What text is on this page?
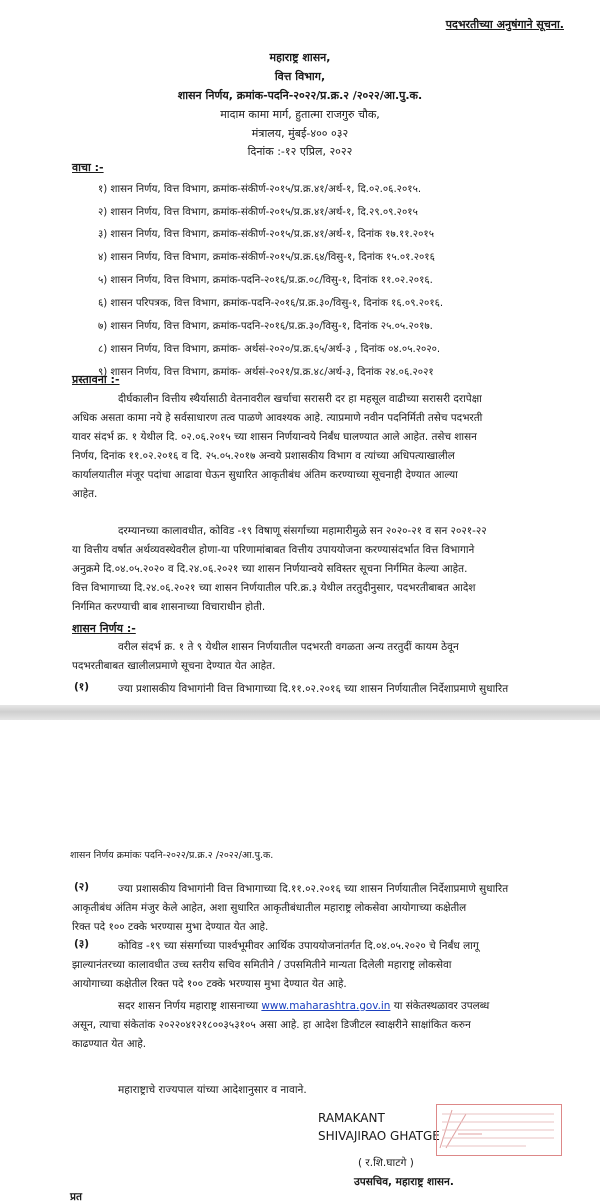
पदभरतीच्या अनुषंगाने सूचना.
महाराष्ट्र शासन,
वित्त विभाग,
शासन निर्णय, क्रमांक-पदनि-२०२२/प्र.क्र.२ /२०२२/आ.पु.क.
मादाम कामा मार्ग, हुतात्मा राजगुरु चौक,
मंत्रालय, मुंबई-४०० ०३२
दिनांक :-१२ एप्रिल, २०२२
वाचा :-
१) शासन निर्णय, वित्त विभाग, क्रमांक-संकीर्ण-२०१५/प्र.क्र.४१/अर्थ-१, दि.०२.०६.२०१५.
२) शासन निर्णय, वित्त विभाग, क्रमांक-संकीर्ण-२०१५/प्र.क्र.४१/अर्थ-१, दि.२९.०९.२०१५
३) शासन निर्णय, वित्त विभाग, क्रमांक-संकीर्ण-२०१५/प्र.क्र.४१/अर्थ-१, दिनांक १७.११.२०१५
४) शासन निर्णय, वित्त विभाग, क्रमांक-संकीर्ण-२०१५/प्र.क्र.६४/विसु-१, दिनांक १५.०१.२०१६
५) शासन निर्णय, वित्त विभाग, क्रमांक-पदनि-२०१६/प्र.क्र.०८/विसु-१, दिनांक ११.०२.२०१६.
६) शासन परिपत्रक, वित्त विभाग, क्रमांक-पदनि-२०१६/प्र.क्र.३०/विसु-१, दिनांक १६.०९.२०१६.
७) शासन निर्णय, वित्त विभाग, क्रमांक-पदनि-२०१६/प्र.क्र.३०/विसु-१, दिनांक २५.०५.२०१७.
८) शासन निर्णय, वित्त विभाग, क्रमांक- अर्थसं-२०२०/प्र.क्र.६५/अर्थ-३ , दिनांक ०४.०५.२०२०.
९) शासन निर्णय, वित्त विभाग, क्रमांक- अर्थसं-२०२१/प्र.क्र.४८/अर्थ-३, दिनांक २४.०६.२०२१
प्रस्तावना :-
दीर्घकालीन वित्तीय स्थैर्यासाठी वेतनावरील खर्चाचा सरासरी दर हा महसूल वाढीच्या सरासरी दरापेक्षा
अधिक असता कामा नये हे सर्वसाधारण तत्व पाळणे आवश्यक आहे. त्याप्रमाणे नवीन पदनिर्मिती तसेच पदभरती
यावर संदर्भ क्र. १ येथील दि. ०२.०६.२०१५ च्या शासन निर्णयान्वये निर्बंध घालण्यात आले आहेत. तसेच शासन
निर्णय, दिनांक ११.०२.२०१६ व दि. २५.०५.२०१७ अन्वये प्रशासकीय विभाग व त्यांच्या अधिपत्याखालील
कार्यालयातील मंजूर पदांचा आढावा घेऊन सुधारित आकृतीबंध अंतिम करण्याच्या सूचनाही देण्यात आल्या
आहेत.
दरम्यानच्या कालावधीत, कोविड -१९ विषाणू संसर्गाच्या महामारीमुळे सन २०२०-२१ व सन २०२१-२२
या वित्तीय वर्षात अर्थव्यवस्थेवरील होणा-या परिणामांबाबत वित्तीय उपाययोजना करण्यासंदर्भात वित्त विभागाने
अनुक्रमे दि.०४.०५.२०२० व दि.२४.०६.२०२१ च्या शासन निर्णयान्वये सविस्तर सूचना निर्गमित केल्या आहेत.
वित्त विभागाच्या दि.२४.०६.२०२१ च्या शासन निर्णयातील परि.क्र.३ येथील तरतुदीनुसार, पदभरतीबाबत आदेश
निर्गमित करण्याची बाब शासनाच्या विचाराधीन होती.
शासन निर्णय :-
वरील संदर्भ क्र. १ ते ९ येथील शासन निर्णयातील पदभरती वगळता अन्य तरतुदीं कायम ठेवून
पदभरतीबाबत खालीलप्रमाणे सूचना देण्यात येत आहेत.
(१)	ज्या प्रशासकीय विभागांनी वित्त विभागाच्या दि.११.०२.२०१६ च्या शासन निर्णयातील निर्देशाप्रमाणे सुधारित
शासन निर्णय क्रमांकः पदनि-२०२२/प्र.क्र.२ /२०२२/आ.पु.क.
(२)	ज्या प्रशासकीय विभागांनी वित्त विभागाच्या दि.११.०२.२०१६ च्या शासन निर्णयातील निर्देशाप्रमाणे सुधारित
आकृतीबंध अंतिम मंजुर केले आहेत, अशा सुधारित आकृतीबंधातील महाराष्ट्र लोकसेवा आयोगाच्या कक्षेतील
रिक्त पदे १०० टक्के भरण्यास मुभा देण्यात येत आहे.
(३)	कोविड -१९ च्या संसर्गाच्या पार्श्वभूमीवर आर्थिक उपाययोजनांतर्गत दि.०४.०५.२०२० चे निर्बंध लागू
झाल्यानंतरच्या कालावधीत उच्च स्तरीय सचिव समितीने / उपसमितीने मान्यता दिलेली महाराष्ट्र लोकसेवा
आयोगाच्या कक्षेतील रिक्त पदे १०० टक्के भरण्यास मुभा देण्यात येत आहे.
सदर शासन निर्णय महाराष्ट्र शासनाच्या www.maharashtra.gov.in या संकेतस्थळावर उपलब्ध
असून, त्याचा संकेतांक २०२२०४१२१८००३५३१०५ असा आहे. हा आदेश डिजीटल स्वाक्षरीने साक्षांकित करुन
काढण्यात येत आहे.
महाराष्ट्राचे राज्यपाल यांच्या आदेशानुसार व नावाने.
RAMAKANT
SHIVAJIRAO GHATGE
( र.शि.घाटगे )
उपसचिव, महाराष्ट्र शासन.
प्रत
